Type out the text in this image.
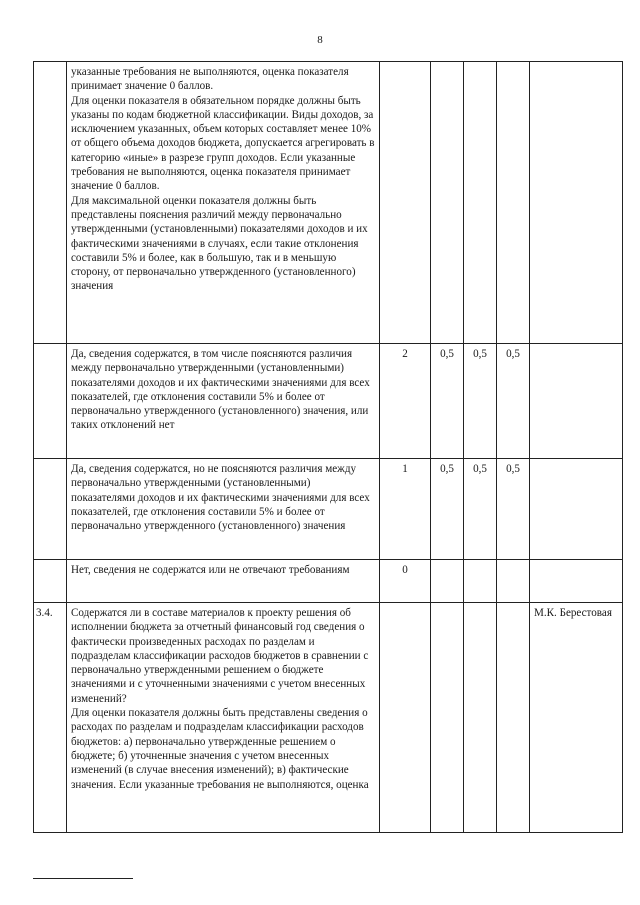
8

	указанные требования не выполняются, оценка показателя принимает значение 0 баллов.
Для оценки показателя в обязательном порядке должны быть указаны по кодам бюджетной классификации. Виды доходов, за исключением указанных, объем которых составляет менее 10% от общего объема доходов бюджета, допускается агрегировать в категорию «иные» в разрезе групп доходов. Если указанные требования не выполняются, оценка показателя принимает значение 0 баллов.
Для максимальной оценки показателя должны быть представлены пояснения различий между первоначально утвержденными (установленными) показателями доходов и их фактическими значениями в случаях, если такие отклонения составили 5% и более, как в большую, так и в меньшую сторону, от первоначально утвержденного (установленного) значения					

	Да, сведения содержатся, в том числе поясняются различия между первоначально утвержденными (установленными) показателями доходов и их фактическими значениями для всех показателей, где отклонения составили 5% и более от первоначально утвержденного (установленного) значения, или таких отклонений нет	2	0,5	0,5	0,5	

	Да, сведения содержатся, но не поясняются различия между первоначально утвержденными (установленными) показателями доходов и их фактическими значениями для всех показателей, где отклонения составили 5% и более от первоначально утвержденного (установленного) значения	1	0,5	0,5	0,5	

	Нет, сведения не содержатся или не отвечают требованиям	0				
3.4.	Содержатся ли в составе материалов к проекту решения об исполнении бюджета за отчетный финансовый год сведения о фактически произведенных расходах по разделам и подразделам классификации расходов бюджетов в сравнении с первоначально утвержденными решением о бюджете значениями и с уточненными значениями с учетом внесенных изменений?
Для оценки показателя должны быть представлены сведения о расходах по разделам и подразделам классификации расходов бюджетов: а) первоначально утвержденные решением о бюджете; б) уточненные значения с учетом внесенных изменений (в случае внесения изменений); в) фактические значения. Если указанные требования не выполняются, оценка					М.К. Берестовая
